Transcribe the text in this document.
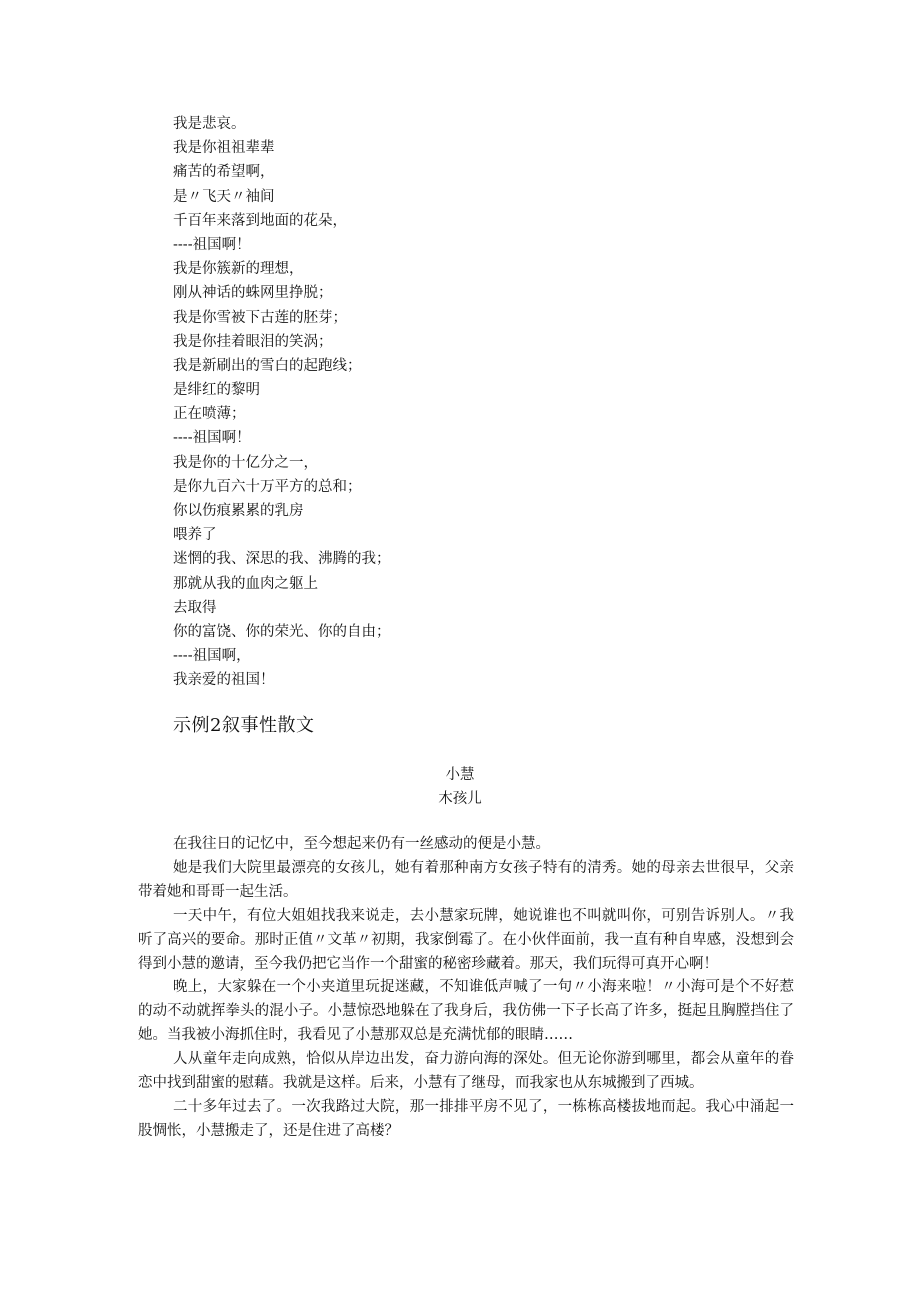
我是悲哀。
我是你祖祖辈辈
痛苦的希望啊，
是〃飞天〃袖间
千百年来落到地面的花朵，
----祖国啊！
我是你簇新的理想，
刚从神话的蛛网里挣脱；
我是你雪被下古莲的胚芽；
我是你挂着眼泪的笑涡；
我是新刷出的雪白的起跑线；
是绯红的黎明
正在喷薄；
----祖国啊！
我是你的十亿分之一，
是你九百六十万平方的总和；
你以伤痕累累的乳房
喂养了
迷惘的我、深思的我、沸腾的我；
那就从我的血肉之躯上
去取得
你的富饶、你的荣光、你的自由；
----祖国啊，
我亲爱的祖国！
示例2叙事性散文
小慧
木孩儿

在我往日的记忆中，至今想起来仍有一丝感动的便是小慧。

她是我们大院里最漂亮的女孩儿，她有着那种南方女孩子特有的清秀。她的母亲去世很早，父亲带着她和哥哥一起生活。

一天中午，有位大姐姐找我来说走，去小慧家玩牌，她说谁也不叫就叫你，可别告诉别人。〃我听了高兴的要命。那时正值〃文革〃初期，我家倒霉了。在小伙伴面前，我一直有种自卑感，没想到会得到小慧的邀请，至今我仍把它当作一个甜蜜的秘密珍藏着。那天，我们玩得可真开心啊！

晚上，大家躲在一个小夹道里玩捉迷藏，不知谁低声喊了一句〃小海来啦！〃小海可是个不好惹的动不动就挥拳头的混小子。小慧惊恐地躲在了我身后，我仿佛一下子长高了许多，挺起且胸膛挡住了她。当我被小海抓住时，我看见了小慧那双总是充满忧郁的眼睛……

人从童年走向成熟，恰似从岸边出发，奋力游向海的深处。但无论你游到哪里，都会从童年的眷恋中找到甜蜜的慰藉。我就是这样。后来，小慧有了继母，而我家也从东城搬到了西城。

二十多年过去了。一次我路过大院，那一排排平房不见了，一栋栋高楼拔地而起。我心中涌起一股惆怅，小慧搬走了，还是住进了高楼？
